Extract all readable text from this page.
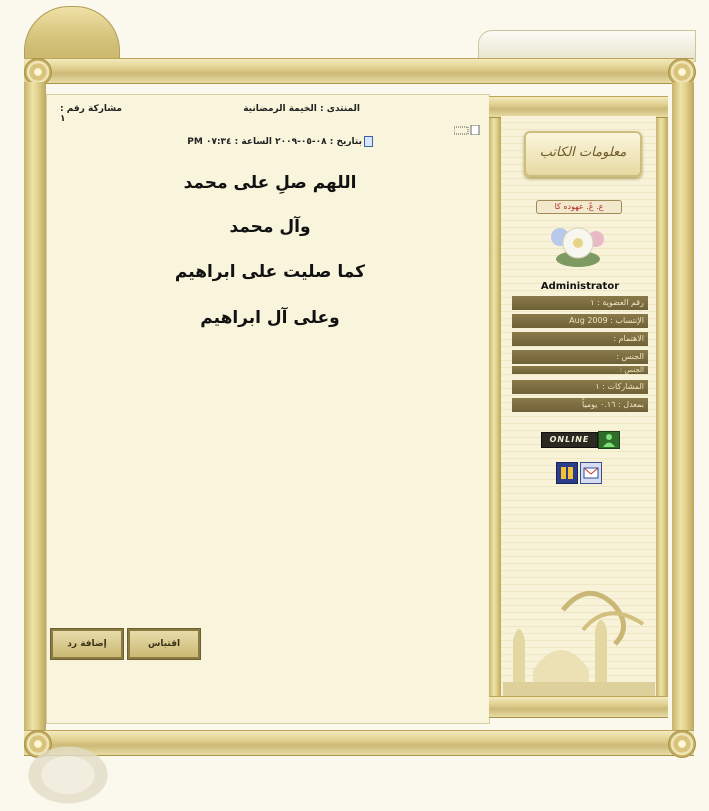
مشاركة رقم : ١
المنتدى : الخيمة الرمضانية
بتاريخ : ٠٨-٠٥-٢٠٠٩ الساعة : ٠٧:٣٤ PM
اللهم صلِ على محمد
وآل محمد
كما صليت على ابراهيم
وعلى آل ابراهيم
إضافة رد	اقتباس
معلومات الكاتب
ع. عً. عهوده كا
Administrator
رقم العضوية : ١
الإنتساب : Aug 2009
الاهتمام :
الجنس :
الجنس :
المشاركات : ١
بمعدل : ٠.١٦ يومياً
ONLINE
